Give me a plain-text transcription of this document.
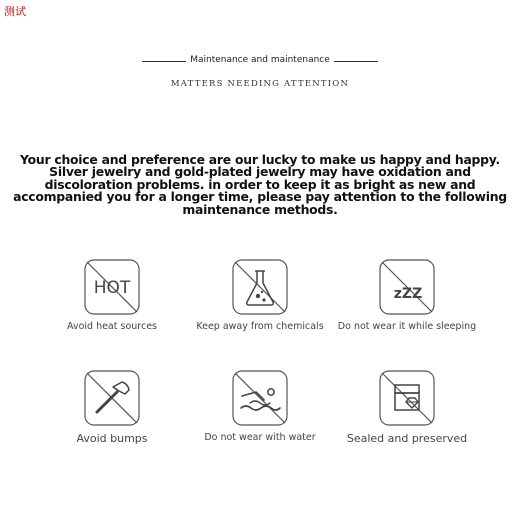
测试
Maintenance and maintenance
MATTERS NEEDING ATTENTION
Your choice and preference are our lucky to make us happy and happy. Silver jewelry and gold-plated jewelry may have oxidation and discoloration problems. in order to keep it as bright as new and accompanied you for a longer time, please pay attention to the following maintenance methods.
HOT
Avoid heat sources	Keep away from chemicals
zZZ
Do not wear it while sleeping
Avoid bumps	Do not wear with water	Sealed and preserved
